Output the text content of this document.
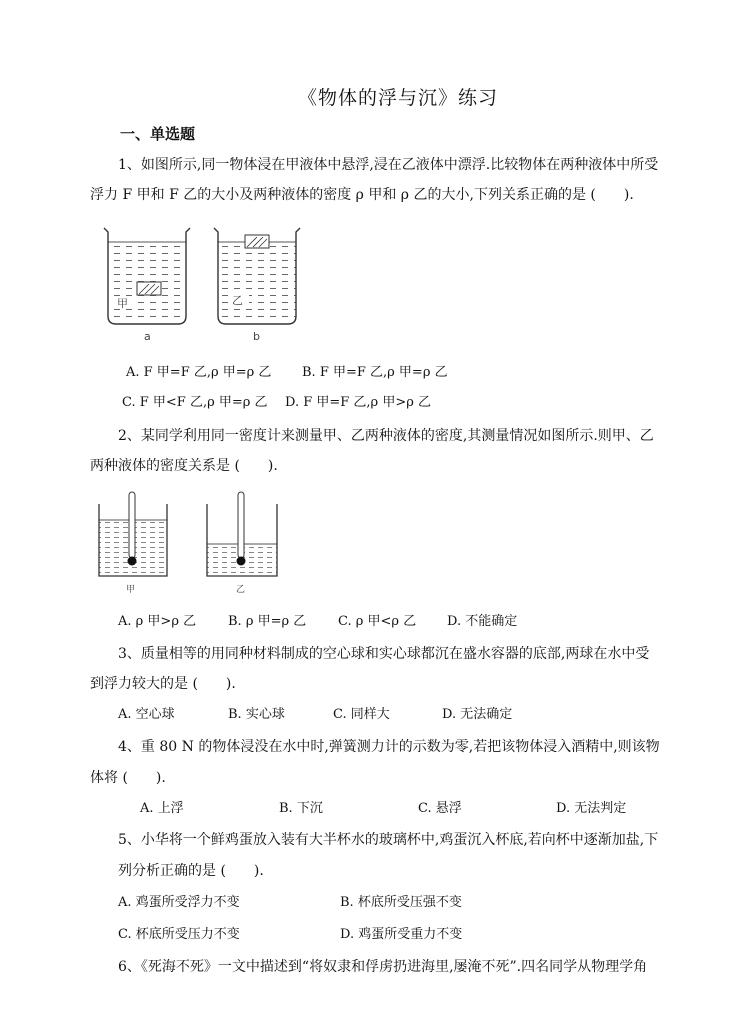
《物体的浮与沉》练习
一、单选题
1、如图所示,同一物体浸在甲液体中悬浮,浸在乙液体中漂浮.比较物体在两种液体中所受
浮力 F 甲和 F 乙的大小及两种液体的密度 ρ 甲和 ρ 乙的大小,下列关系正确的是 (　　).
甲
a
乙
b
A. F 甲=F 乙,ρ 甲=ρ 乙 B. F 甲=F 乙,ρ 甲=ρ 乙
C. F 甲<F 乙,ρ 甲=ρ 乙 D. F 甲=F 乙,ρ 甲>ρ 乙
2、某同学利用同一密度计来测量甲、乙两种液体的密度,其测量情况如图所示.则甲、乙
两种液体的密度关系是 (　　).
甲	乙
A. ρ 甲>ρ 乙 B. ρ 甲=ρ 乙 C. ρ 甲<ρ 乙 D. 不能确定
3、质量相等的用同种材料制成的空心球和实心球都沉在盛水容器的底部,两球在水中受
到浮力较大的是 (　　).
A. 空心球	B. 实心球	C. 同样大	D. 无法确定
4、重 80 N 的物体浸没在水中时,弹簧测力计的示数为零,若把该物体浸入酒精中,则该物
体将 (　　).
A. 上浮	B. 下沉	C. 悬浮	D. 无法判定
5、小华将一个鲜鸡蛋放入装有大半杯水的玻璃杯中,鸡蛋沉入杯底,若向杯中逐渐加盐,下
列分析正确的是 (　　).
A. 鸡蛋所受浮力不变	B. 杯底所受压强不变
C. 杯底所受压力不变	D. 鸡蛋所受重力不变
6、《死海不死》一文中描述到“将奴隶和俘虏扔进海里,屡淹不死”.四名同学从物理学角
